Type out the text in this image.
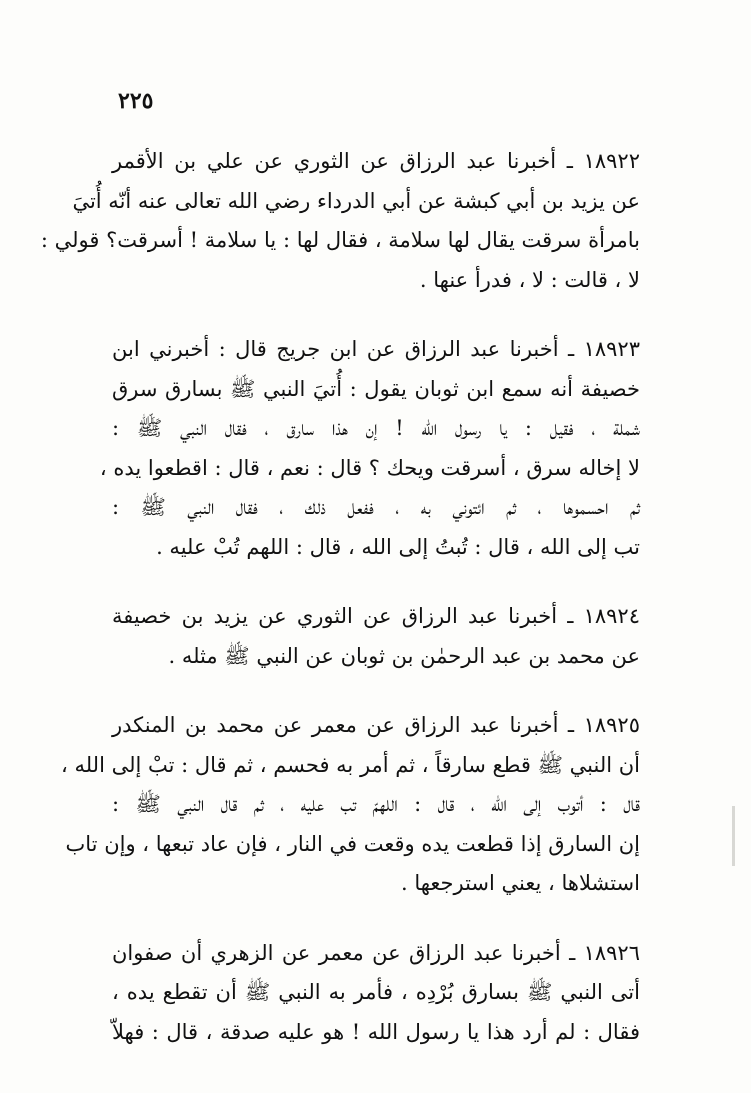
٢٢٥

١٨٩٢٢ ـ أخبرنا عبد الرزاق عن الثوري عن علي بن الأقمر
عن يزيد بن أبي كبشة عن أبي الدرداء رضي الله تعالى عنه أنّه أُتيَ
بامرأة سرقت يقال لها سلامة ، فقال لها : يا سلامة ! أسرقت؟ قولي :
لا ، قالت : لا ، فدرأ عنها .

١٨٩٢٣ ـ أخبرنا عبد الرزاق عن ابن جريج قال : أخبرني ابن
خصيفة أنه سمع ابن ثوبان يقول : أُتيَ النبي ﷺ بسارق سرق
شملة ، فقيل : يا رسول الله ! إن هذا سارق ، فقال النبي ﷺ :
لا إخاله سرق ، أسرقت ويحك ؟ قال : نعم ، قال : اقطعوا يده ،
ثم احسموها ، ثم ائتوني به ، ففعل ذلك ، فقال النبي ﷺ :
تب إلى الله ، قال : تُبتُ إلى الله ، قال : اللهم تُبْ عليه .

١٨٩٢٤ ـ أخبرنا عبد الرزاق عن الثوري عن يزيد بن خصيفة
عن محمد بن عبد الرحمٰن بن ثوبان عن النبي ﷺ مثله .

١٨٩٢٥ ـ أخبرنا عبد الرزاق عن معمر عن محمد بن المنكدر
أن النبي ﷺ قطع سارقاً ، ثم أمر به فحسم ، ثم قال : تبْ إلى الله ،
قال : أتوب إلى الله ، قال : اللهمّ تب عليه ، ثم قال النبي ﷺ :
إن السارق إذا قطعت يده وقعت في النار ، فإن عاد تبعها ، وإن تاب
استشلاها ، يعني استرجعها .

١٨٩٢٦ ـ أخبرنا عبد الرزاق عن معمر عن الزهري أن صفوان
أتى النبي ﷺ بسارق بُرْدِه ، فأمر به النبي ﷺ أن تقطع يده ،
فقال : لم أرد هذا يا رسول الله ! هو عليه صدقة ، قال : فهلاّ
